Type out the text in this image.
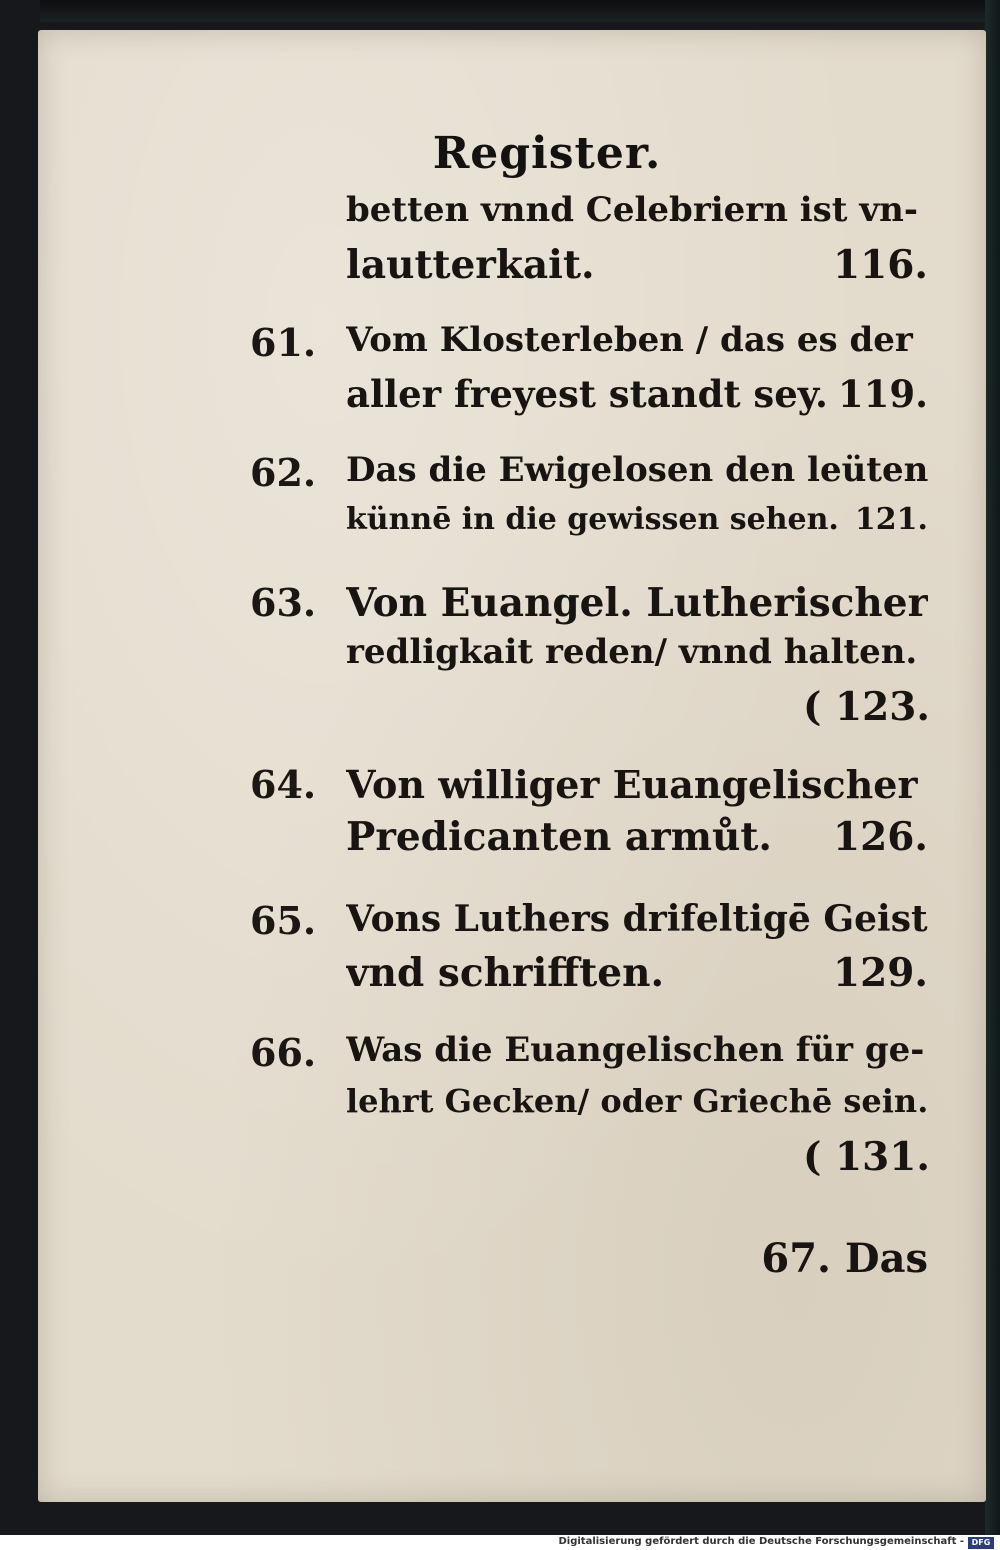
Register.
betten vnnd Celebriern ist vn-
lautterkait.	116.
61. Vom Klosterleben / das es der
aller freyest standt sey. 119.
62. Das die Ewigelosen den leüten
künnē in die gewissen sehen. 121.
63. Von Euangel. Lutherischer
redligkait reden/ vnnd halten.
( 123.
64. Von williger Euangelischer
Predicanten armůt. 126.
65. Vons Luthers drifeltigē Geist
vnd schrifften.	129.
66. Was die Euangelischen für ge-
lehrt Gecken/ oder Griechē sein.
( 131.
67. Das
Digitalisierung gefördert durch die Deutsche Forschungsgemeinschaft - DFG
